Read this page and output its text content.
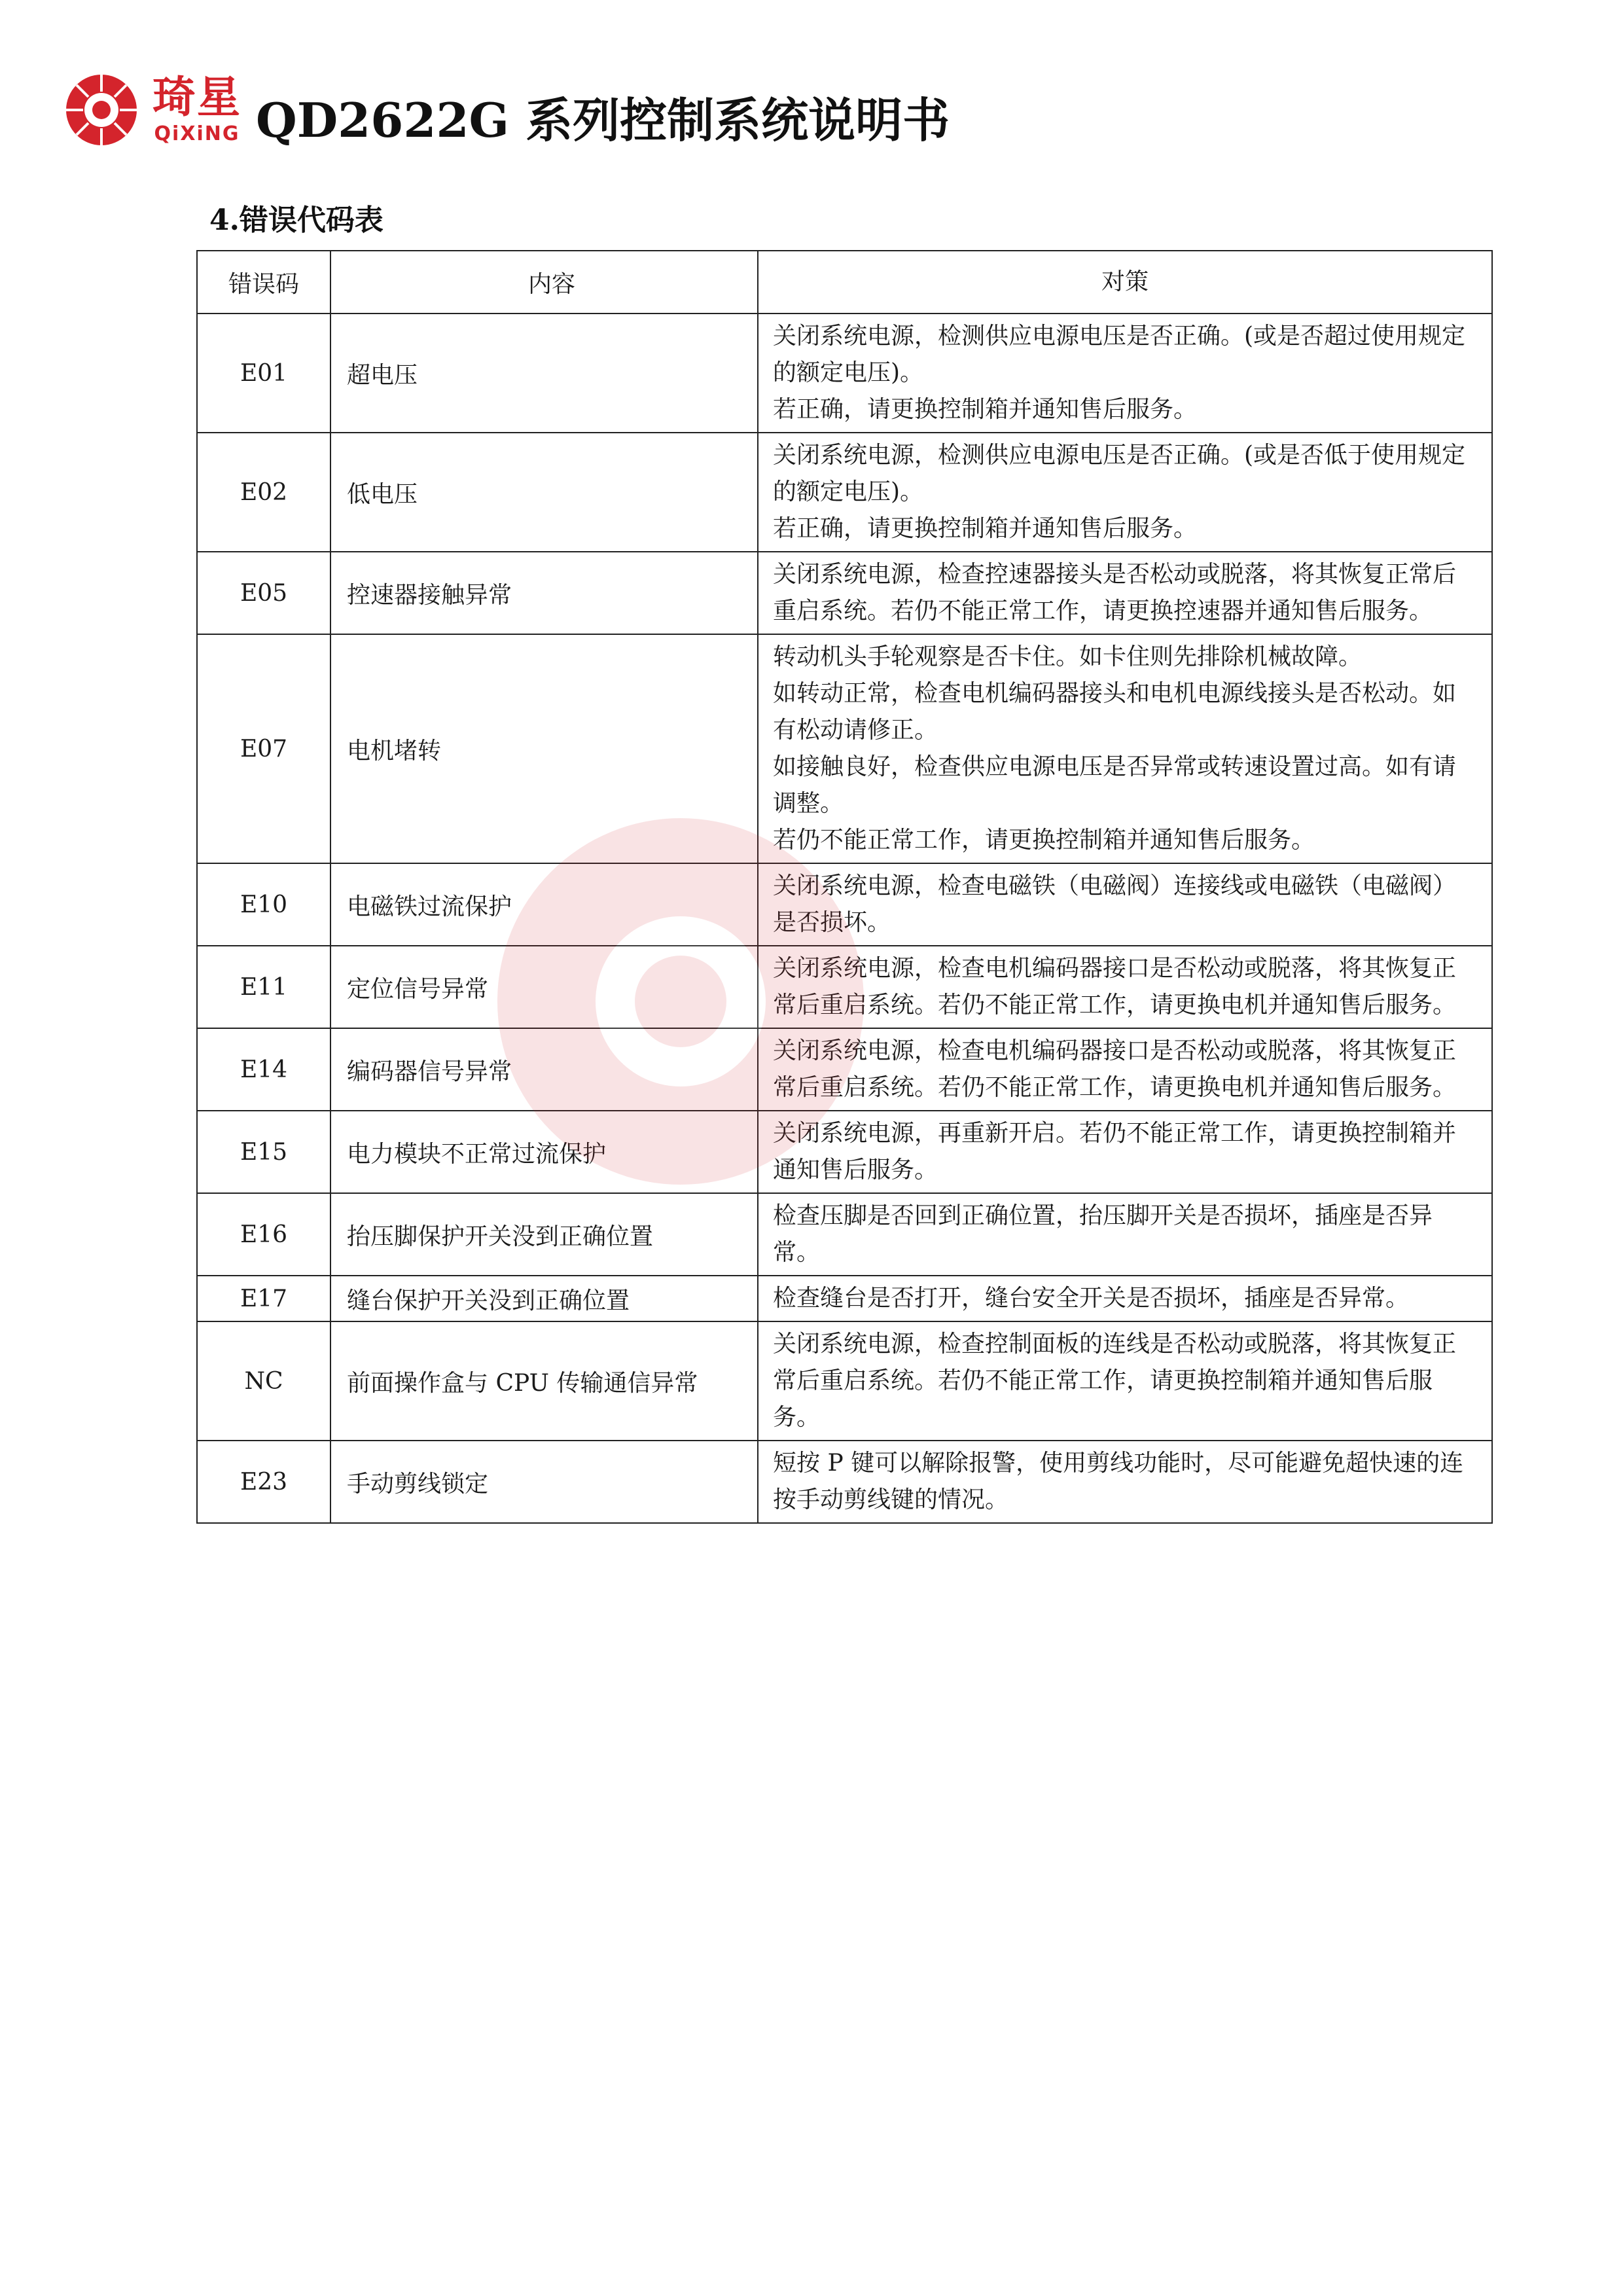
琦星
QiXiNG QD2622G 系列控制系统说明书
4.错误代码表
错误码	内容	对策
E01	超电压	关闭系统电源，检测供应电源电压是否正确。(或是否超过使用规定的额定电压)。
若正确，请更换控制箱并通知售后服务。

E02	低电压	关闭系统电源，检测供应电源电压是否正确。(或是否低于使用规定的额定电压)。
若正确，请更换控制箱并通知售后服务。

E05	控速器接触异常	关闭系统电源，检查控速器接头是否松动或脱落，将其恢复正常后重启系统。若仍不能正常工作，请更换控速器并通知售后服务。

E07	电机堵转	转动机头手轮观察是否卡住。如卡住则先排除机械故障。
如转动正常，检查电机编码器接头和电机电源线接头是否松动。如有松动请修正。
如接触良好，检查供应电源电压是否异常或转速设置过高。如有请调整。
若仍不能正常工作，请更换控制箱并通知售后服务。

E10	电磁铁过流保护	关闭系统电源，检查电磁铁（电磁阀）连接线或电磁铁（电磁阀）是否损坏。

E11	定位信号异常	关闭系统电源，检查电机编码器接口是否松动或脱落，将其恢复正常后重启系统。若仍不能正常工作，请更换电机并通知售后服务。

E14	编码器信号异常	关闭系统电源，检查电机编码器接口是否松动或脱落，将其恢复正常后重启系统。若仍不能正常工作，请更换电机并通知售后服务。

E15	电力模块不正常过流保护	关闭系统电源，再重新开启。若仍不能正常工作，请更换控制箱并通知售后服务。

E16	抬压脚保护开关没到正确位置	检查压脚是否回到正确位置，抬压脚开关是否损坏，插座是否异常。

E17	缝台保护开关没到正确位置	检查缝台是否打开，缝台安全开关是否损坏，插座是否异常。

NC	前面操作盒与 CPU 传输通信异常	关闭系统电源，检查控制面板的连线是否松动或脱落，将其恢复正常后重启系统。若仍不能正常工作，请更换控制箱并通知售后服务。

E23	手动剪线锁定	短按 P 键可以解除报警，使用剪线功能时，尽可能避免超快速的连按手动剪线键的情况。
